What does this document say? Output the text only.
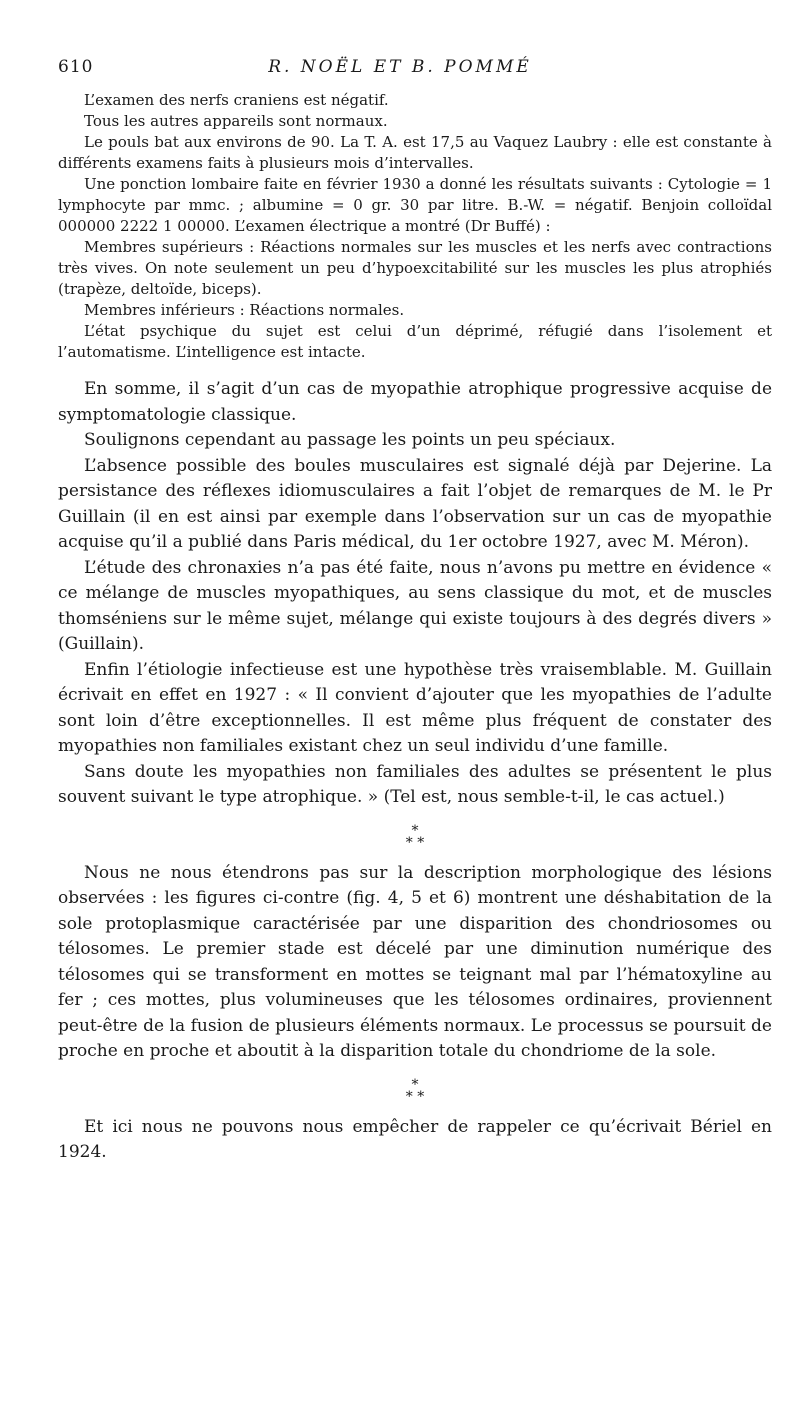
610	R. NOËL ET B. POMMÉ

L’examen des nerfs craniens est négatif.

Tous les autres appareils sont normaux.

Le pouls bat aux environs de 90. La T. A. est 17,5 au Vaquez Laubry : elle est constante à différents examens faits à plusieurs mois d’intervalles.

Une ponction lombaire faite en février 1930 a donné les résultats suivants : Cytologie = 1 lymphocyte par mmc. ; albumine = 0 gr. 30 par litre. B.-W. = négatif. Benjoin colloïdal 000000 2222 1 00000. L’examen électrique a montré (Dr Buffé) :

Membres supérieurs : Réactions normales sur les muscles et les nerfs avec contractions très vives. On note seulement un peu d’hypoexcitabilité sur les muscles les plus atrophiés (trapèze, deltoïde, biceps).

Membres inférieurs : Réactions normales.

L’état psychique du sujet est celui d’un déprimé, réfugié dans l’isolement et l’automatisme. L’intelligence est intacte.

En somme, il s’agit d’un cas de myopathie atrophique progressive acquise de symptomatologie classique.

Soulignons cependant au passage les points un peu spéciaux.

L’absence possible des boules musculaires est signalé déjà par Dejerine. La persistance des réflexes idiomusculaires a fait l’objet de remarques de M. le Pr Guillain (il en est ainsi par exemple dans l’observation sur un cas de myopathie acquise qu’il a publié dans Paris médical, du 1er octobre 1927, avec M. Méron).

L’étude des chronaxies n’a pas été faite, nous n’avons pu mettre en évidence « ce mélange de muscles myopathiques, au sens classique du mot, et de muscles thomséniens sur le même sujet, mélange qui existe toujours à des degrés divers » (Guillain).

Enfin l’étiologie infectieuse est une hypothèse très vraisemblable. M. Guillain écrivait en effet en 1927 : « Il convient d’ajouter que les myopathies de l’adulte sont loin d’être exceptionnelles. Il est même plus fréquent de constater des myopathies non familiales existant chez un seul individu d’une famille.

Sans doute les myopathies non familiales des adultes se présentent le plus souvent suivant le type atrophique. » (Tel est, nous semble-t-il, le cas actuel.)

*
* *

Nous ne nous étendrons pas sur la description morphologique des lésions observées : les figures ci-contre (fig. 4, 5 et 6) montrent une déshabitation de la sole protoplasmique caractérisée par une disparition des chondriosomes ou télosomes. Le premier stade est décelé par une diminution numérique des télosomes qui se transforment en mottes se teignant mal par l’hématoxyline au fer ; ces mottes, plus volumineuses que les télosomes ordinaires, proviennent peut-être de la fusion de plusieurs éléments normaux. Le processus se poursuit de proche en proche et aboutit à la disparition totale du chondriome de la sole.

*
* *

Et ici nous ne pouvons nous empêcher de rappeler ce qu’écrivait Bériel en 1924.
